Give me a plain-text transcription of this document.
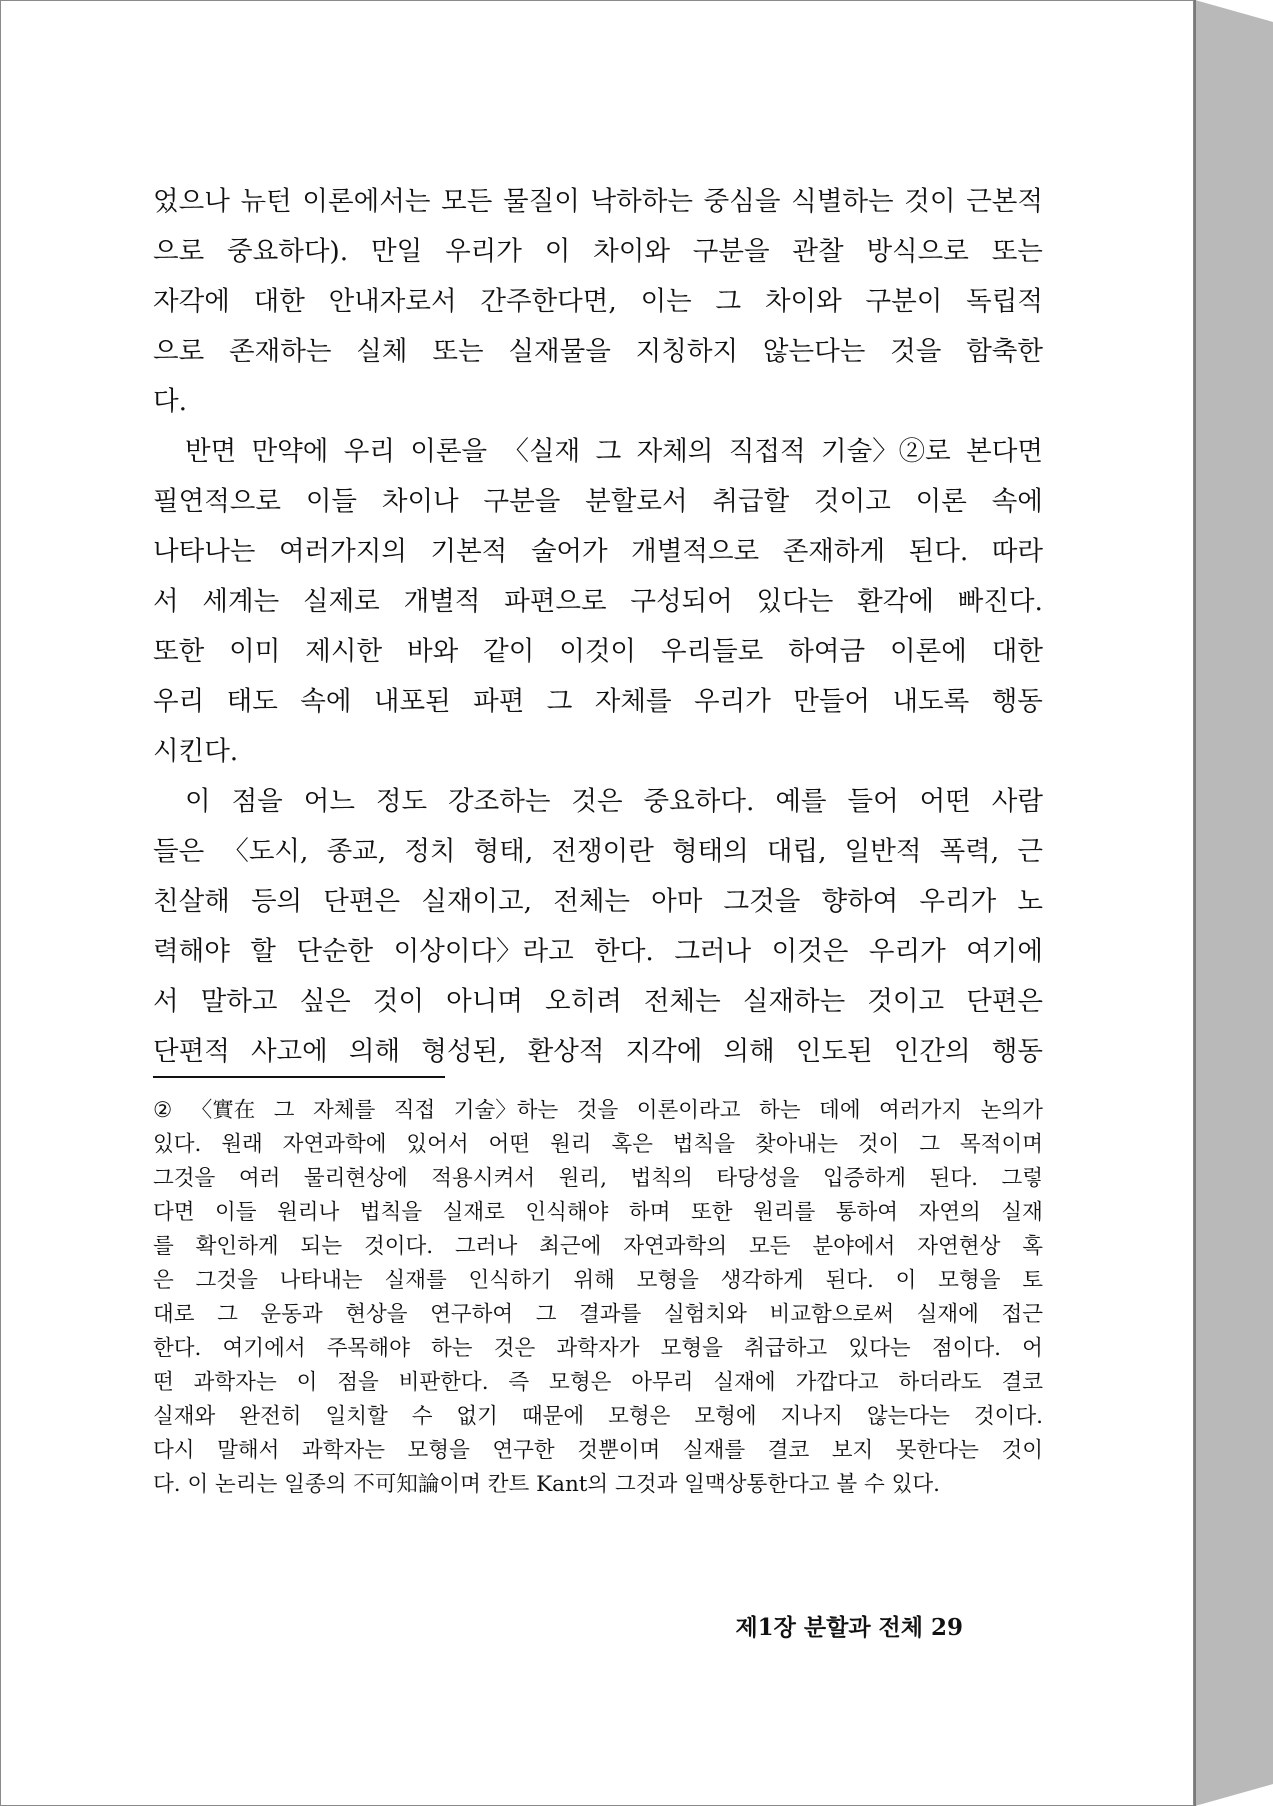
었으나 뉴턴 이론에서는 모든 물질이 낙하하는 중심을 식별하는 것이 근본적
으로 중요하다). 만일 우리가 이 차이와 구분을 관찰 방식으로 또는
자각에 대한 안내자로서 간주한다면, 이는 그 차이와 구분이 독립적
으로 존재하는 실체 또는 실재물을 지칭하지 않는다는 것을 함축한
다.
반면 만약에 우리 이론을 〈실재 그 자체의 직접적 기술〉②로 본다면
필연적으로 이들 차이나 구분을 분할로서 취급할 것이고 이론 속에
나타나는 여러가지의 기본적 술어가 개별적으로 존재하게 된다. 따라
서 세계는 실제로 개별적 파편으로 구성되어 있다는 환각에 빠진다.
또한 이미 제시한 바와 같이 이것이 우리들로 하여금 이론에 대한
우리 태도 속에 내포된 파편 그 자체를 우리가 만들어 내도록 행동
시킨다.
이 점을 어느 정도 강조하는 것은 중요하다. 예를 들어 어떤 사람
들은 〈도시, 종교, 정치 형태, 전쟁이란 형태의 대립, 일반적 폭력, 근
친살해 등의 단편은 실재이고, 전체는 아마 그것을 향하여 우리가 노
력해야 할 단순한 이상이다〉라고 한다. 그러나 이것은 우리가 여기에
서 말하고 싶은 것이 아니며 오히려 전체는 실재하는 것이고 단편은
단편적 사고에 의해 형성된, 환상적 지각에 의해 인도된 인간의 행동
② 〈實在 그 자체를 직접 기술〉하는 것을 이론이라고 하는 데에 여러가지 논의가
있다. 원래 자연과학에 있어서 어떤 원리 혹은 법칙을 찾아내는 것이 그 목적이며
그것을 여러 물리현상에 적용시켜서 원리, 법칙의 타당성을 입증하게 된다. 그렇
다면 이들 원리나 법칙을 실재로 인식해야 하며 또한 원리를 통하여 자연의 실재
를 확인하게 되는 것이다. 그러나 최근에 자연과학의 모든 분야에서 자연현상 혹
은 그것을 나타내는 실재를 인식하기 위해 모형을 생각하게 된다. 이 모형을 토
대로 그 운동과 현상을 연구하여 그 결과를 실험치와 비교함으로써 실재에 접근
한다. 여기에서 주목해야 하는 것은 과학자가 모형을 취급하고 있다는 점이다. 어
떤 과학자는 이 점을 비판한다. 즉 모형은 아무리 실재에 가깝다고 하더라도 결코
실재와 완전히 일치할 수 없기 때문에 모형은 모형에 지나지 않는다는 것이다.
다시 말해서 과학자는 모형을 연구한 것뿐이며 실재를 결코 보지 못한다는 것이
다. 이 논리는 일종의 不可知論이며 칸트 Kant의 그것과 일맥상통한다고 볼 수 있다.
제1장 분할과 전체 29
